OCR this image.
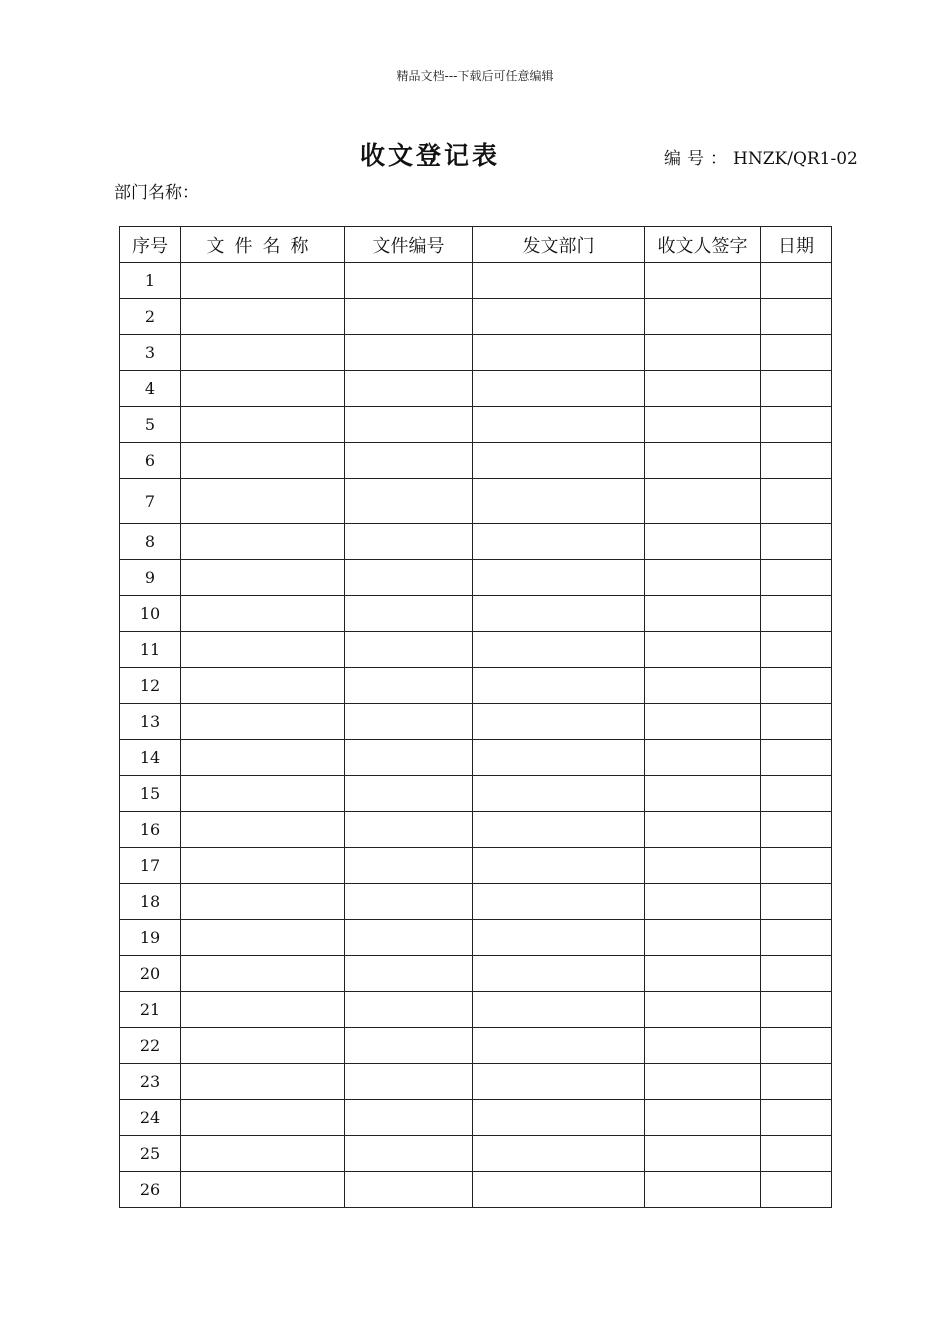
精品文档---下载后可任意编辑
收文登记表	编号：HNZK/QR1-02
部门名称：
序号	文件名称	文件编号	发文部门	收文人签字	日期
1					
2					
3					
4					
5					
6					
7					
8					
9					
10					
11					
12					
13					
14					
15					
16					
17					
18					
19					
20					
21					
22					
23					
24					
25					
26					
